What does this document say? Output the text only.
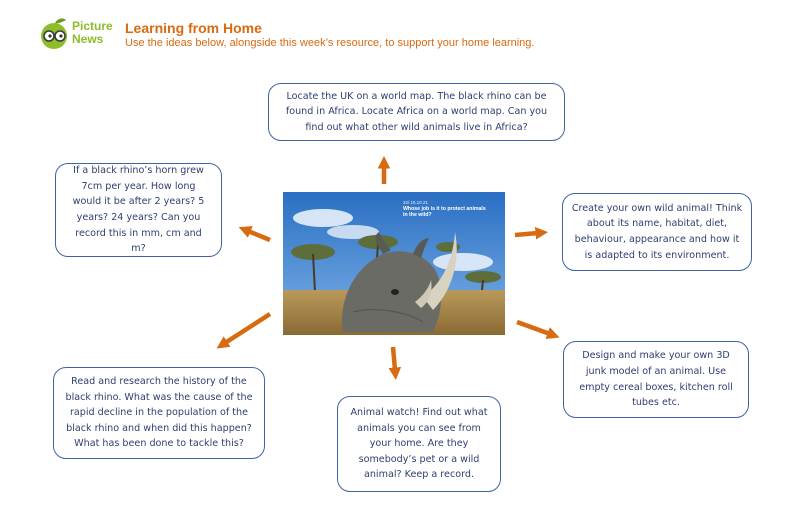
Picture
News
Learning from Home

Use the ideas below, alongside this week’s resource, to support your home learning.

Locate the UK on a world map. The black rhino can be found in Africa. Locate Africa on a world map. Can you find out what other wild animals live in Africa?
If a black rhino’s horn grew 7cm per year. How long would it be after 2 years? 5 years? 24 years? Can you record this in mm, cm and m?
Create your own wild animal! Think about its name, habitat, diet, behaviour, appearance and how it is adapted to its environment.
Read and research the history of the black rhino. What was the cause of the rapid decline in the population of the black rhino and when did this happen? What has been done to tackle this?
Animal watch! Find out what animals you can see from your home. Are they somebody’s pet or a wild animal? Keep a record.
Design and make your own 3D junk model of an animal. Use empty cereal boxes, kitchen roll tubes etc.
22/ 15.10.21
Whose job is it to protect animals in the wild?
